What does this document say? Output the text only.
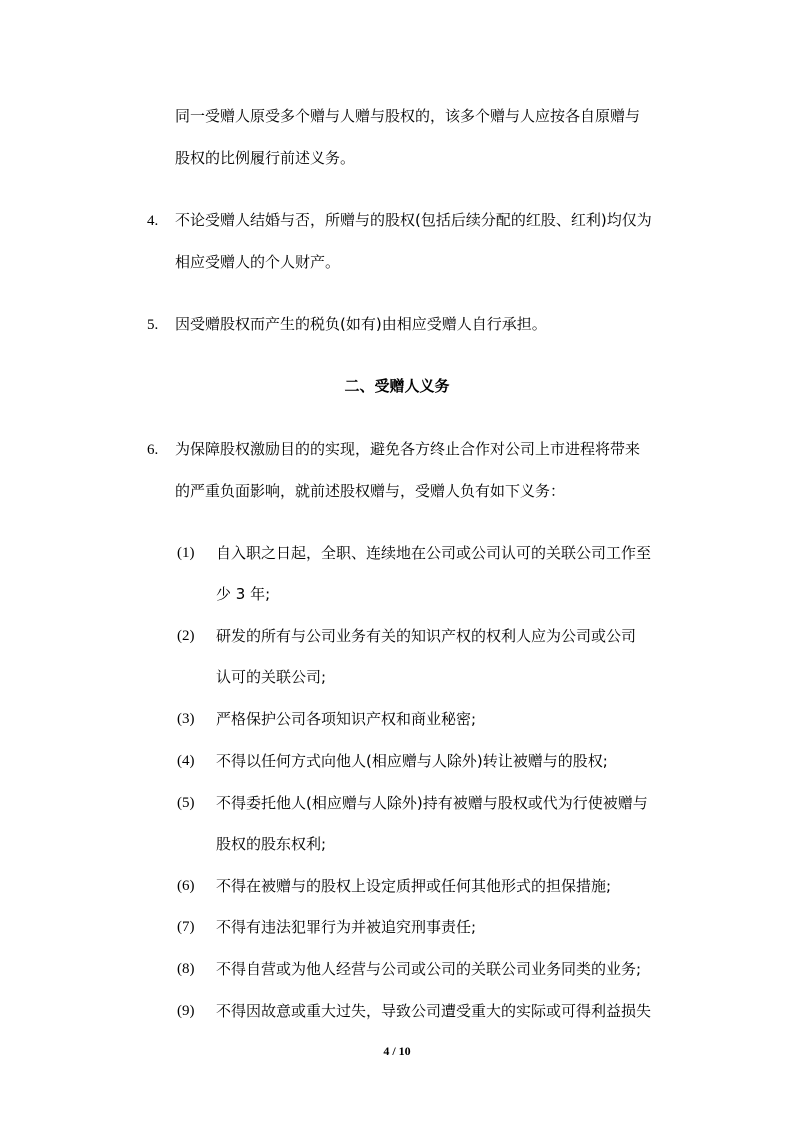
同一受赠人原受多个赠与人赠与股权的，该多个赠与人应按各自原赠与
股权的比例履行前述义务。
4. 不论受赠人结婚与否，所赠与的股权(包括后续分配的红股、红利)均仅为
相应受赠人的个人财产。
5. 因受赠股权而产生的税负(如有)由相应受赠人自行承担。
二、受赠人义务
6. 为保障股权激励目的的实现，避免各方终止合作对公司上市进程将带来
的严重负面影响，就前述股权赠与，受赠人负有如下义务：
(1) 自入职之日起，全职、连续地在公司或公司认可的关联公司工作至
少 3 年;
(2) 研发的所有与公司业务有关的知识产权的权利人应为公司或公司
认可的关联公司;
(3) 严格保护公司各项知识产权和商业秘密;
(4) 不得以任何方式向他人(相应赠与人除外)转让被赠与的股权;
(5) 不得委托他人(相应赠与人除外)持有被赠与股权或代为行使被赠与
股权的股东权利;
(6) 不得在被赠与的股权上设定质押或任何其他形式的担保措施;
(7) 不得有违法犯罪行为并被追究刑事责任;
(8) 不得自营或为他人经营与公司或公司的关联公司业务同类的业务;
(9) 不得因故意或重大过失，导致公司遭受重大的实际或可得利益损失
4 / 10
